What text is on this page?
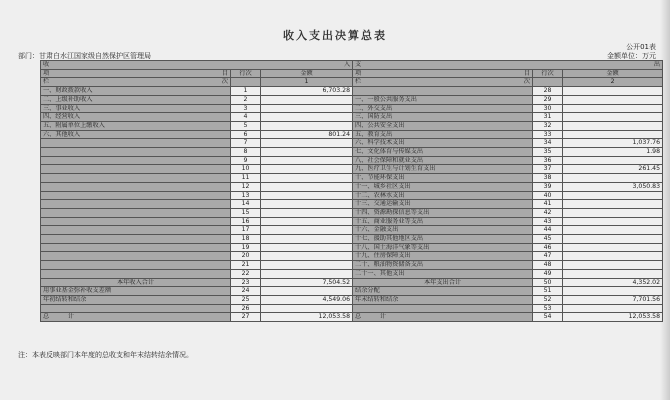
收入支出决算总表
部门：甘肃白水江国家级自然保护区管理局
公开01表
金额单位：万元
收 入			支 出		

项 目	行次	金额	项 目	行次	金额
栏 次		1	栏 次		2
一、财政拨款收入	1	6,703.28		28	
二、上级补助收入	2		一、一般公共服务支出	29	
三、事业收入	3		二、外交支出	30	
四、经营收入	4		三、国防支出	31	
五、附属单位上缴收入	5		四、公共安全支出	32	
六、其他收入	6	801.24	五、教育支出	33	
	7		六、科学技术支出	34	1,037.76
	8		七、文化体育与传媒支出	35	1.98
	9		八、社会保障和就业支出	36	
	10		九、医疗卫生与计划生育支出	37	261.45
	11		十、节能环保支出	38	
	12		十一、城乡社区支出	39	3,050.83
	13		十二、农林水支出	40	
	14		十三、交通运输支出	41	
	15		十四、资源勘探信息等支出	42	
	16		十五、商业服务业等支出	43	
	17		十六、金融支出	44	
	18		十七、援助其他地区支出	45	
	19		十八、国土海洋气象等支出	46	
	20		十九、住房保障支出	47	
	21		二十、粮油物资储备支出	48	
	22		二十一、其他支出	49	
本年收入合计	23	7,504.52	本年支出合计	50	4,352.02
用事业基金弥补收支差额	24		结余分配	51	
年初结转和结余	25	4,549.06	年末结转和结余	52	7,701.56
	26			53	
总　　　计	27	12,053.58	总　　　计	54	12,053.58
注：本表反映部门本年度的总收支和年末结转结余情况。
